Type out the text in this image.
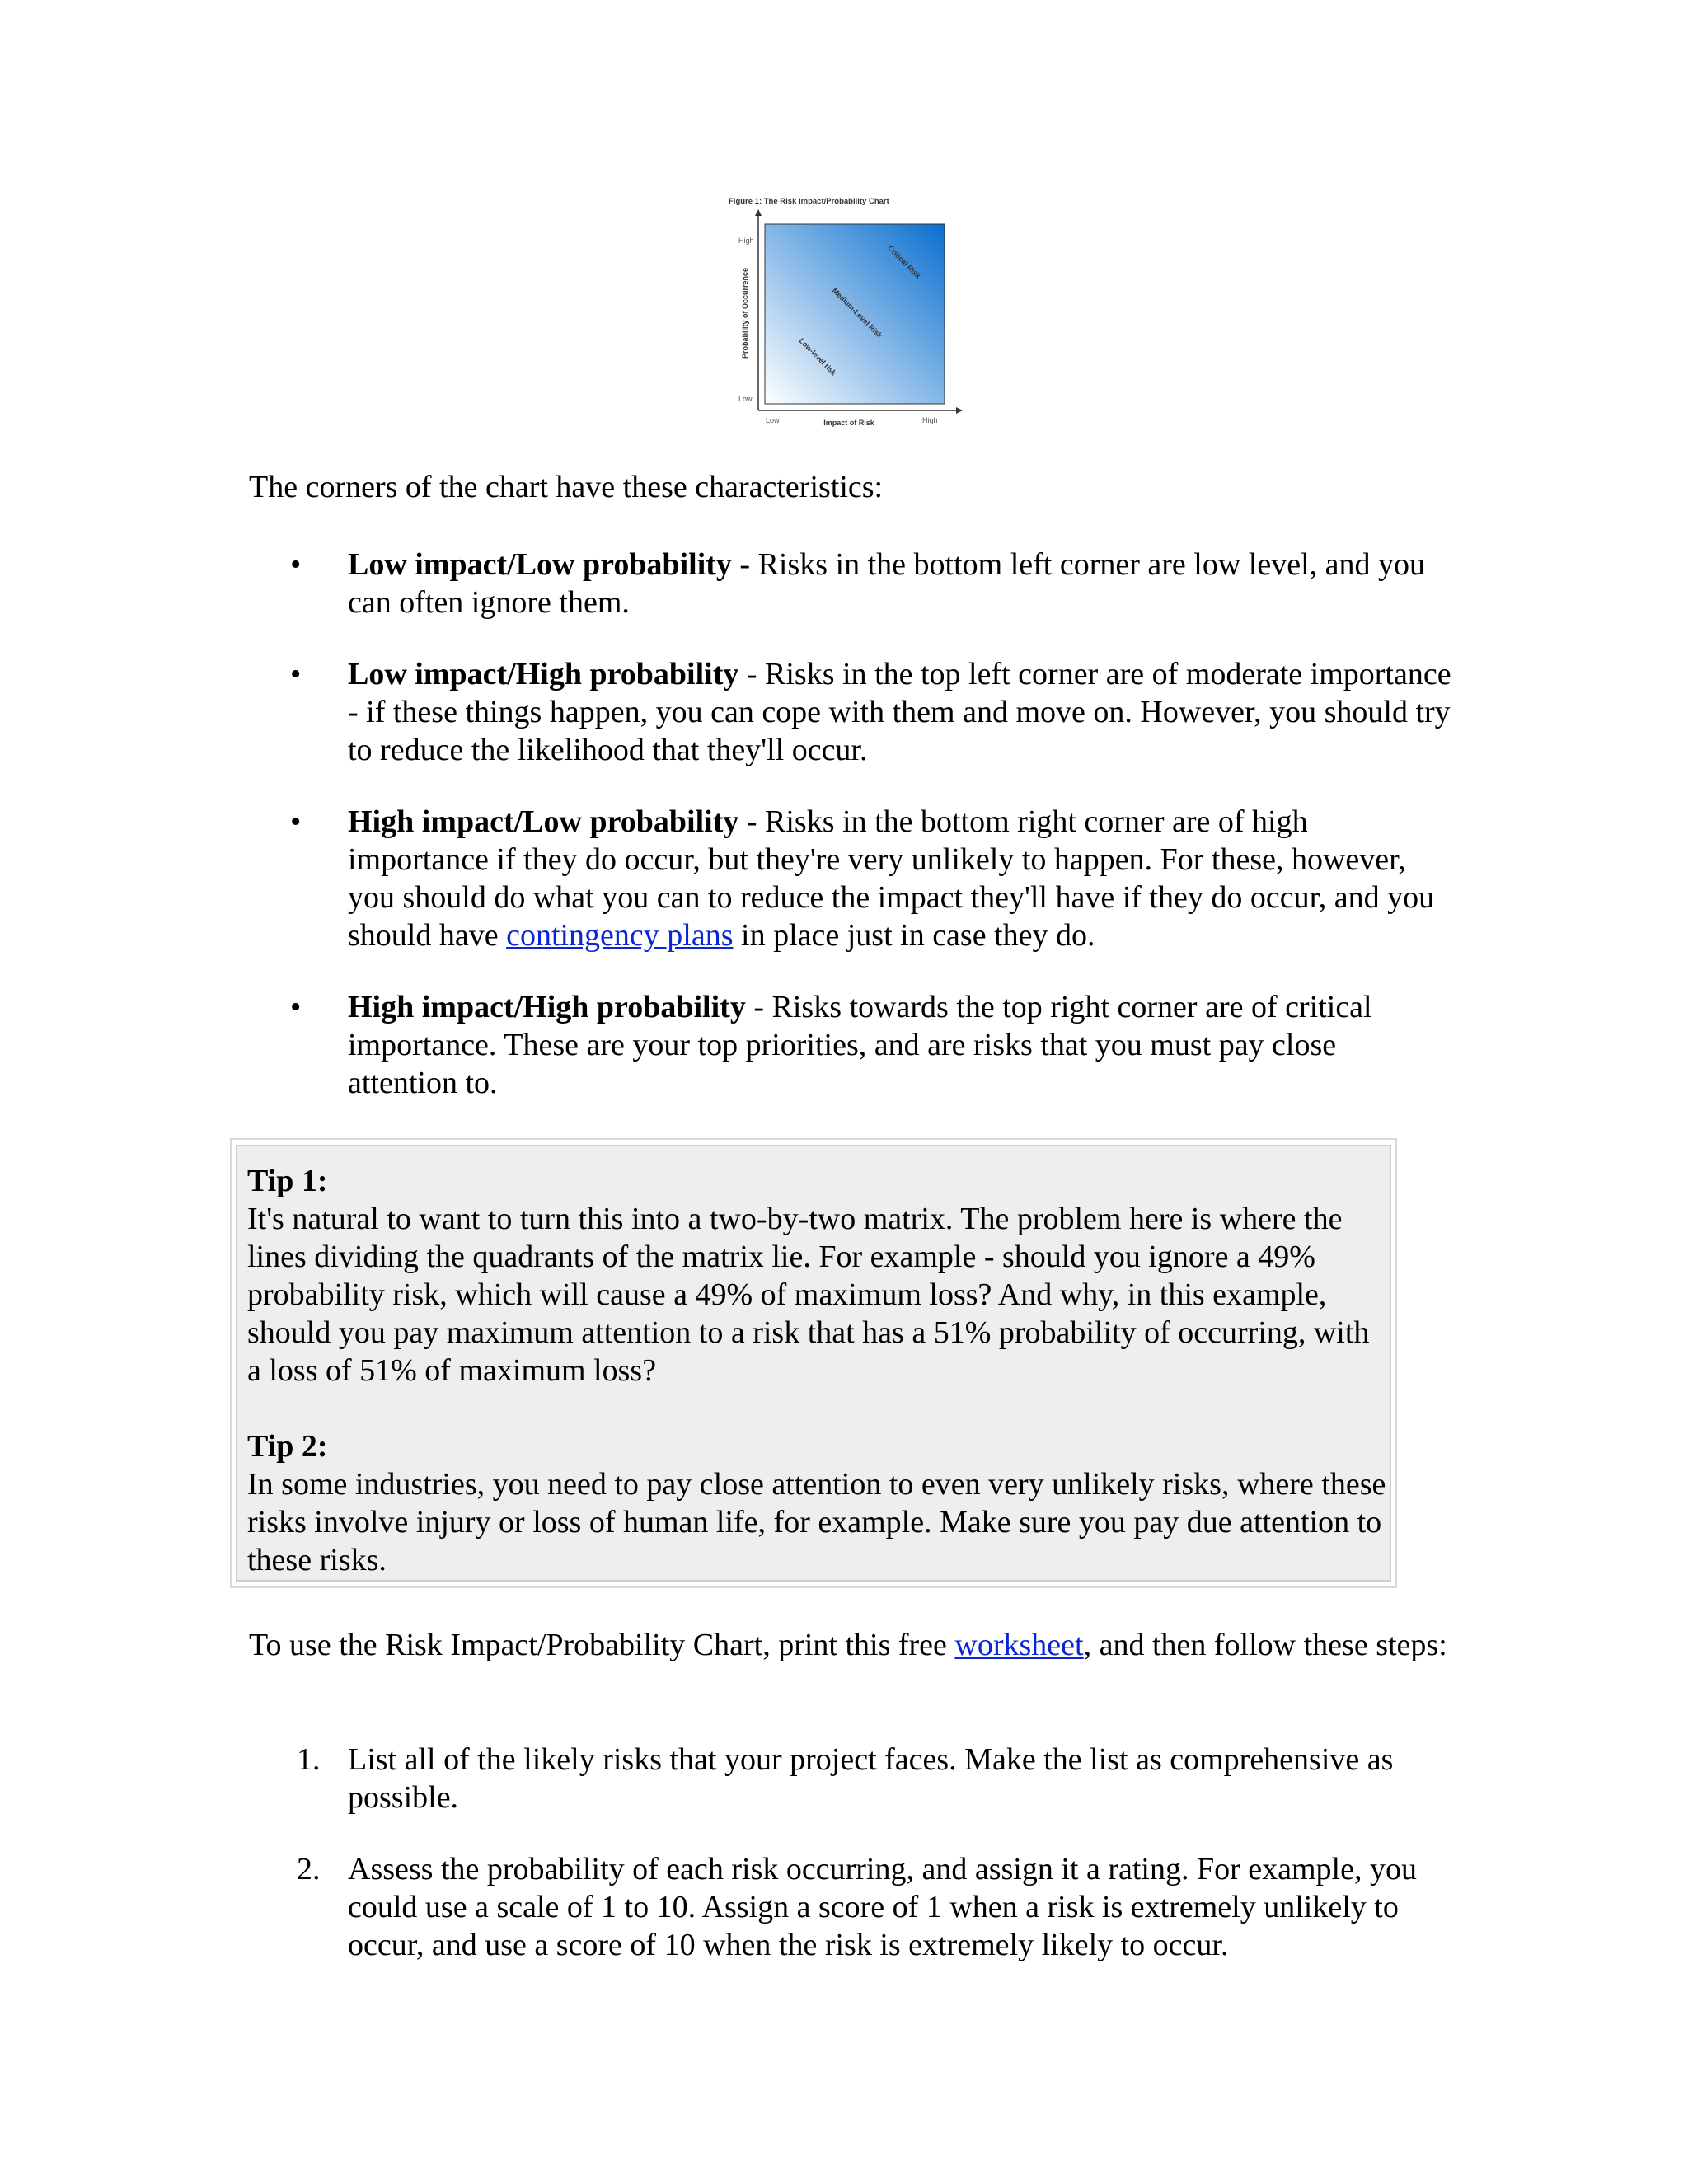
Figure 1: The Risk Impact/Probability Chart
High
Low
Low	High
Impact of Risk
Probability of Occurrence	Low-level risk
Medium-Level Risk
Critical Risk

The corners of the chart have these characteristics:

• Low impact/Low probability - Risks in the bottom left corner are low level, and you can often ignore them.
• Low impact/High probability - Risks in the top left corner are of moderate importance - if these things happen, you can cope with them and move on. However, you should try to reduce the likelihood that they'll occur.
• High impact/Low probability - Risks in the bottom right corner are of high importance if they do occur, but they're very unlikely to happen. For these, however, you should do what you can to reduce the impact they'll have if they do occur, and you should have contingency plans in place just in case they do.
• High impact/High probability - Risks towards the top right corner are of critical importance. These are your top priorities, and are risks that you must pay close attention to.
Tip 1:
It's natural to want to turn this into a two-by-two matrix. The problem here is where the lines dividing the quadrants of the matrix lie. For example - should you ignore a 49% probability risk, which will cause a 49% of maximum loss? And why, in this example, should you pay maximum attention to a risk that has a 51% probability of occurring, with a loss of 51% of maximum loss?
Tip 2:
In some industries, you need to pay close attention to even very unlikely risks, where these risks involve injury or loss of human life, for example. Make sure you pay due attention to these risks.

To use the Risk Impact/Probability Chart, print this free worksheet, and then follow these steps:

1. List all of the likely risks that your project faces. Make the list as comprehensive as possible.
2. Assess the probability of each risk occurring, and assign it a rating. For example, you could use a scale of 1 to 10. Assign a score of 1 when a risk is extremely unlikely to occur, and use a score of 10 when the risk is extremely likely to occur.
